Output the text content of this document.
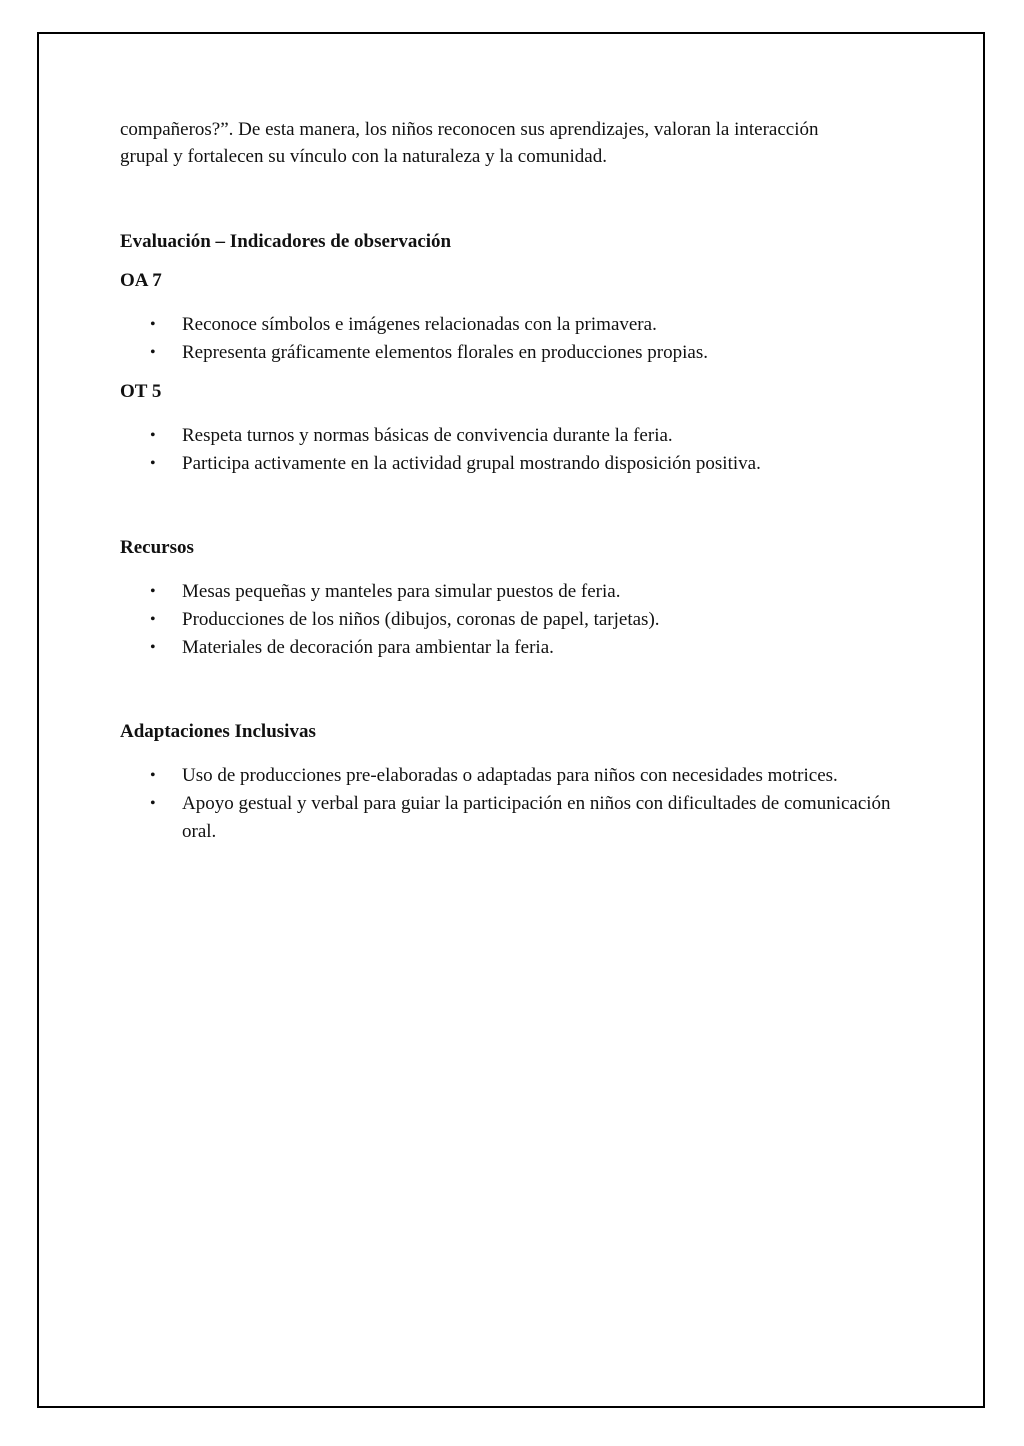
compañeros?”. De esta manera, los niños reconocen sus aprendizajes, valoran la interacción
grupal y fortalecen su vínculo con la naturaleza y la comunidad.

Evaluación – Indicadores de observación

OA 7

• Reconoce símbolos e imágenes relacionadas con la primavera.
• Representa gráficamente elementos florales en producciones propias.

OT 5

• Respeta turnos y normas básicas de convivencia durante la feria.
• Participa activamente en la actividad grupal mostrando disposición positiva.

Recursos

• Mesas pequeñas y manteles para simular puestos de feria.
• Producciones de los niños (dibujos, coronas de papel, tarjetas).
• Materiales de decoración para ambientar la feria.

Adaptaciones Inclusivas

• Uso de producciones pre-elaboradas o adaptadas para niños con necesidades motrices.
• Apoyo gestual y verbal para guiar la participación en niños con dificultades de comunicación oral.
